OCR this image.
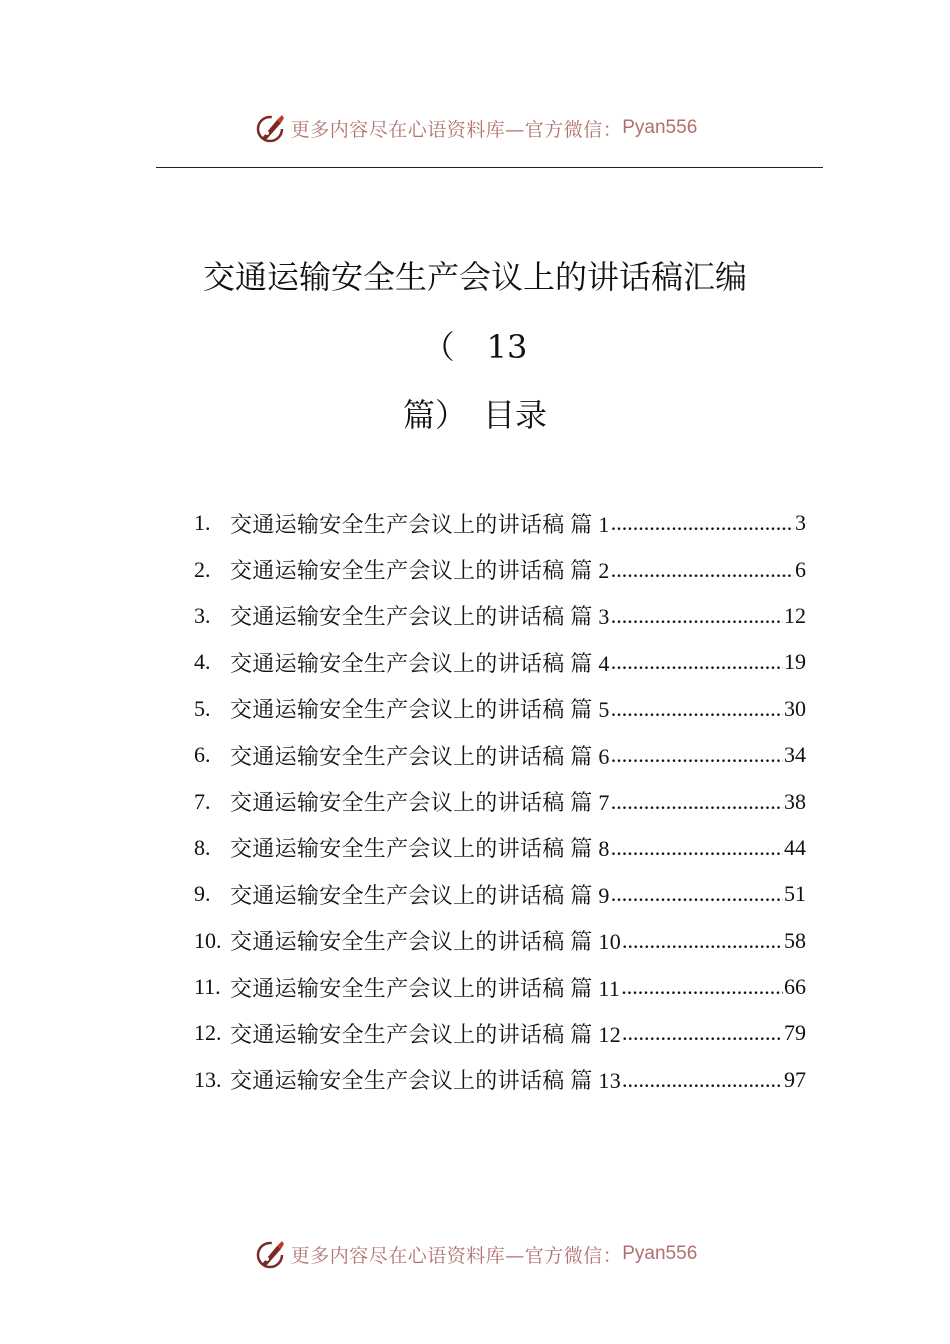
更多内容尽在心语资料库—官方微信： Pyan556
交通运输安全生产会议上的讲话稿汇编
（　13
篇）　目录
1. 交通运输安全生产会议上的讲话稿 篇 1 .....	3
2. 交通运输安全生产会议上的讲话稿 篇 2 .....	6
3. 交通运输安全生产会议上的讲话稿 篇 3 .....	12
4. 交通运输安全生产会议上的讲话稿 篇 4 .....	19
5. 交通运输安全生产会议上的讲话稿 篇 5 .....	30
6. 交通运输安全生产会议上的讲话稿 篇 6 .....	34
7. 交通运输安全生产会议上的讲话稿 篇 7 .....	38
8. 交通运输安全生产会议上的讲话稿 篇 8 .....	44
9. 交通运输安全生产会议上的讲话稿 篇 9 .....	51
10. 交通运输安全生产会议上的讲话稿 篇 10 .....	58
11. 交通运输安全生产会议上的讲话稿 篇 11 .....	66
12. 交通运输安全生产会议上的讲话稿 篇 12 .....	79
13. 交通运输安全生产会议上的讲话稿 篇 13 .....	97
更多内容尽在心语资料库—官方微信： Pyan556
